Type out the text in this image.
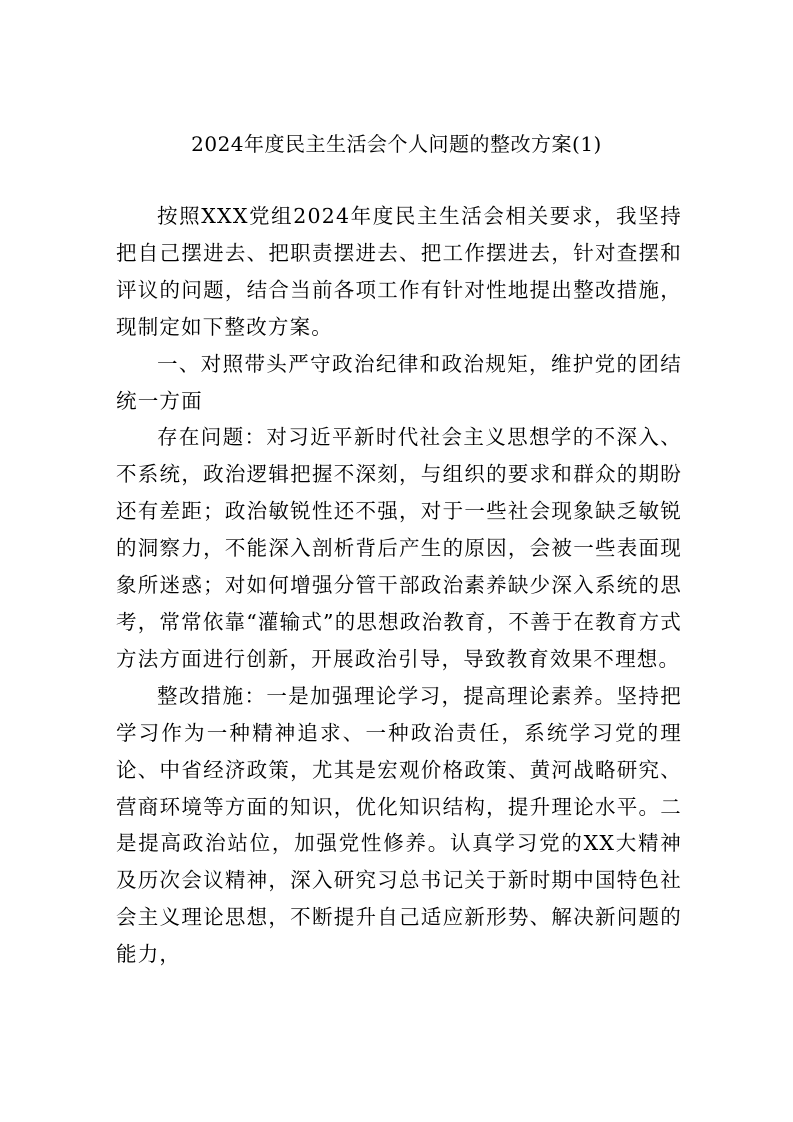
2024年度民主生活会个人问题的整改方案(1)

按照XXX党组2024年度民主生活会相关要求，我坚持把自己摆进去、把职责摆进去、把工作摆进去，针对查摆和评议的问题，结合当前各项工作有针对性地提出整改措施，现制定如下整改方案。

一、对照带头严守政治纪律和政治规矩，维护党的团结统一方面

存在问题：对习近平新时代社会主义思想学的不深入、不系统，政治逻辑把握不深刻，与组织的要求和群众的期盼还有差距；政治敏锐性还不强，对于一些社会现象缺乏敏锐的洞察力，不能深入剖析背后产生的原因，会被一些表面现象所迷惑；对如何增强分管干部政治素养缺少深入系统的思考，常常依靠“灌输式”的思想政治教育，不善于在教育方式方法方面进行创新，开展政治引导，导致教育效果不理想。

整改措施：一是加强理论学习，提高理论素养。坚持把学习作为一种精神追求、一种政治责任，系统学习党的理论、中省经济政策，尤其是宏观价格政策、黄河战略研究、营商环境等方面的知识，优化知识结构，提升理论水平。二是提高政治站位，加强党性修养。认真学习党的XX大精神及历次会议精神，深入研究习总书记关于新时期中国特色社会主义理论思想，不断提升自己适应新形势、解决新问题的能力，
